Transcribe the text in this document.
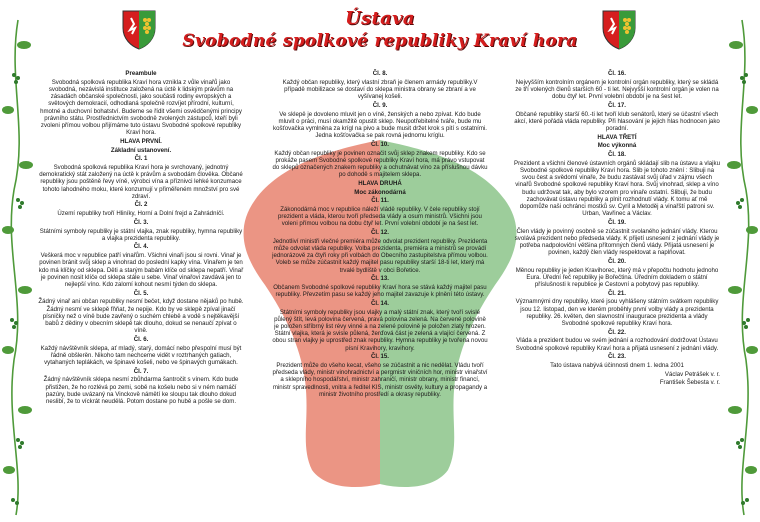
Ústava
Svobodné spolkové republiky Kraví hora

Preambule

Svobodná spolková republika Kraví hora vznikla z vůle vinařů jako svobodná, nezávislá instituce založená na úctě k lidským právům na zásadách občanské společnosti, jako součásti rodiny evropských a světových demokracií, odhodlaná společně rozvíjet přírodní, kulturní, hmotné a duchovní bohatství. Budeme se řídit všemi osvědčenými principy právního státu. Prostřednictvím svobodně zvolených zástupců, kteří byli zvoleni přímou volbou přijímáme tuto ústavu Svobodné spolkové republiky Kraví hora.

HLAVA PRVNÍ.

Základní ustanovení.

Čl. 1

Svobodná spolková republika Kraví hora je svrchovaný, jednotný demokratický stát založený na úctě k právům a svobodám člověka. Občané republiky jsou poštěně řevy víně, výrobci vína a příznivci lehké konzumace tohoto lahodného moku, které konzumují v přiměřeném množství pro své zdraví.

Čl. 2

Území republiky tvoří Hliníky, Horní a Dolní frejd a Zahrádníčí.

Čl. 3.

Státními symboly republiky je státní vlajka, znak republiky, hymna republiky a vlajka prezidenta republiky.

Čl. 4.

Veškerá moc v republice patří vinařům. Všichni vinaři jsou si rovni. Vinař je povinen bránit svůj sklep a vinohrad do poslední kapky vína. Vinařem je ten kdo má klíčky od sklepa. Děti a starým babám klíče od sklepa nepatří. Vinař je povinen nosit klíče od sklepa stále u sebe. Vinař vinařovi zavdává jen to nejlepší víno. Kdo zalomí kohout nesmí týden do sklepa.

Čl. 5.

Žádný vinař ani občan republiky nesmí bečet, když dostane nějaků po hubě. Žádný nesmí ve sklepě fňňat, že nepije. Kdo by ve sklepě zpíval jinačí písničky než o víně bude zavřený o suchém chlebě a vodě s nejtěkavější babů z dědiny v obecním sklepě tak dlouho, dokud se nenaučí zpívat o víně.

Čl. 6.

Každý návštěvník sklepa, ať mladý, starý, domácí nebo přespolní musí být řádně obšlerěn. Nikoho tam nechceme vidět v roztrhaných gatiach, vytahaných teplákách, ve špinavé košeli, nebo ve špinavých gumákach.

Čl. 7.

Žádný návštěvník sklepa nesmí zbůhdarma šantročit s vínem. Kdo bude přistižen, že ho rozlévá po zemi, sobě na košelu nebo si v ném namáčí pazúry, bude uvázaný na Vinckově námětí ke sloupu tak dlouho dokud neslibí, že to víckrát neudělá. Potom dostane po hubě a pošle se dom.

Čl. 8.

Každý občan republiky, který vlastní zbraň je členem armády republiky.V případě mobilizace se dostaví do sklepa ministra obrany se zbraní a ve vyšívanej košeli.

Čl. 9.

Ve sklepě je dovoleno mluvit jen o víně, ženských a nebo zpívat. Kdo bude mluvit o práci, musí okamžitě opustit sklep. Neupotřebitelné tváře, bude mu košťovačka vymlněna za krígl na pivo a bude musit držet krok s pití s ostatními. Jedna košťovačka se pak rovná jednomu kríglu.

Čl. 10.

Každý občan republiky je povinen označit svůj sklep znakem republiky. Kdo se prokáže pasem Svobodné spolkové republiky Kraví hora, má právo vstupovat do sklepů označených znakem republiky a ochutnávat víno za příslušnou dávku po dohodě s majitelem sklepa.

HLAVA DRUHÁ

Moc zákonodárná

Čl. 11.

Zákonodárná moc v republice náleží vládě republiky. V čele republiky stojí prezident a vláda, kterou tvoří předseda vlády a osum ministrů. Všichni jsou voleni přímou volbou na dobu čtyř let. První volební období je na šest let.

Čl. 12.

Jednotliví ministři vlečné premiéra může odvolat prezident republiky. Prezidenta může odvolat vláda republiky. Volba prezidenta, premiéra a ministrů se provádí jednorázově za čtyři roky při volbách do Obecního zastupitelstva přímou volbou. Voleb se může zúčastnit každý majitel pasu republiky starší 18-ti let, který má trvalé bydliště v obci Bořetice.

Čl. 13.

Občanem Svobodné spolkové republiky Kraví hora se stává každý majitel pasu republiky. Převzetím pasu se každý jeho majitel zavazuje k plnění této ústavy.

Čl. 14.

Státními symboly republiky jsou vlajky a malý státní znak, který tvoří svislé půlený štít, levá polovina červená, pravá polovina zelená. Na červené polovině je položen stříbrný list révy vinné a na zelené polovině je položen zlatý hrozen. Státní vlajka, která je svisle půlená, žerďová část je zelená a vlající červená. Z obou stran vlajky je uprostřed znak republiky. Hymna republiky je tvořena novou písní Kravihory, kravihory.

Čl. 15.

Prezident může do všeho kecat, všeho se zúčastnit a nic nedělat. Vládu tvoří předseda vlády, ministr vinohradnictví a pergmistr viničních hor, ministr vinařství a sklepního hospodářství, ministr zahraničí, ministr obrany, ministr financí, ministr spravedlnosti, vnitra a ředitel KIS, ministr osvěty, kultury a propagandy a ministr životního prostředí a okrasy republiky.

Čl. 16.

Nejvyšším kontrolním orgánem je kontrolní orgán republiky, který se skládá ze tří volených členů starších 60 - ti let. Nejvyšší kontrolní orgán je volen na dobu čtyř let. První volební období je na šest let.

Čl. 17.

Občané republiky starší 60.-ti let tvoří klub senátorů, který se účastní všech akcí, které pořádá vláda republiky. Při hlasování je jejich hlas hodnocen jako poradní.

HLAVA TŘETÍ

Moc výkonná

Čl. 18.

Prezident a všichni členové ústavních orgánů skládají slib na ústavu a vlajku Svobodné spolkové republiky Kraví hora. Slib je tohoto znění : Slibuji na svou čest a svědomí vinaře, že budu zastávat svůj úřad v zájmu všech vinařů Svobodné spolkové republiky Kraví hora. Svůj vinohrad, sklep a víno budu udržovat tak, aby bylo vzorem pro vinaře ostatní. Slibuji, že budu zachovávat ústavu republiky a plnit rozhodnutí vlády. K tomu ať mě dopomůže naši ochránci mostků sv. Cyril a Metoděj a vinařští patroni sv. Urban, Vavřinec a Václav.

Čl. 19.

Člen vlády je povinný osobně se zúčastnit svolaného jednání vlády. Kterou svolává prezident nebo předseda vlády. K přijetí usnesení z jednání vlády je potřeba nadpoloviční většina přítomných členů vlády. Přijatá usnesení je povinen, každý člen vlády respektovat a naplňovat.

Čl. 20.

Měnou republiky je jeden Kravihorec, který má v přepočtu hodnotu jednoho Eura. Úřední řeč republiky je Bořečtina. Úředním dokladem o státní příslušnosti k republice je Cestovní a pobytový pas republiky.

Čl. 21.

Významnými dny republiky, které jsou vyhlášeny státním svátkem republiky jsou 12. listopad, den ve kterém proběhly první volby vlády a prezidenta republiky. 26. květen, den slavnostní inaugurace prezidenta a vlády Svobodné spolkové republiky Kraví hora.

Čl. 22.

Vláda a prezident budou ve svém jednání a rozhodování dodržovat Ústavu Svobodné spolkové republiky Kraví hora a přijatá usnesení z jednání vlády.

Čl. 23.

Tato ústava nabývá účinnosti dnem 1. ledna 2001

Václav Petrášek v. r.

František Šebesta v. r.
